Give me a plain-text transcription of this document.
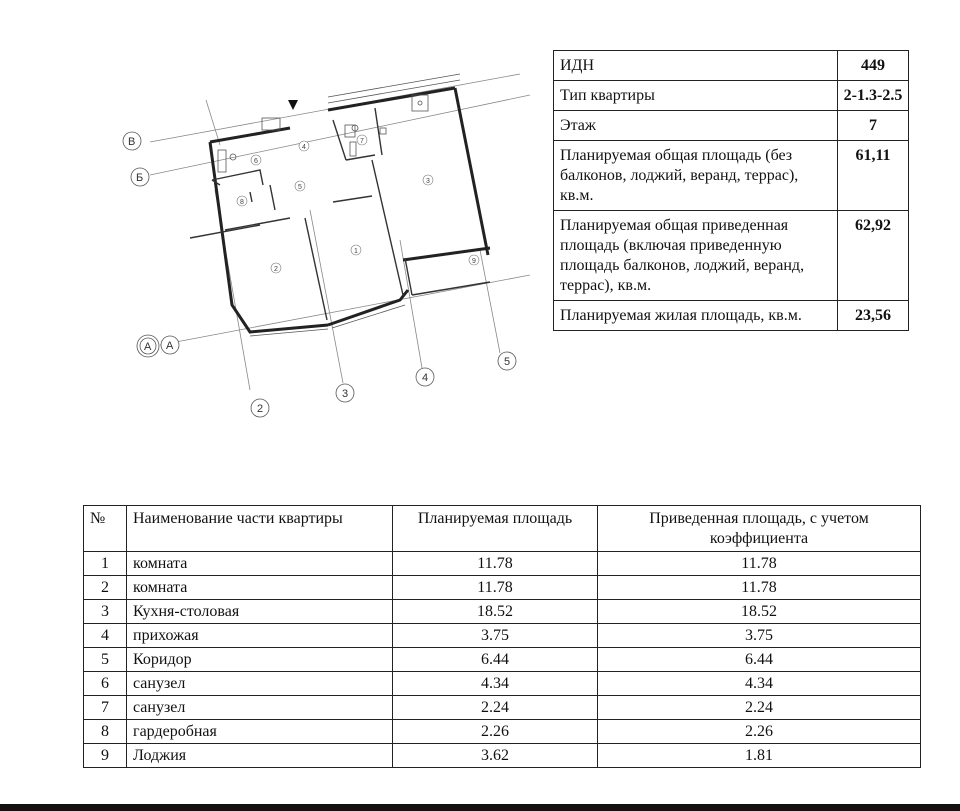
В
Б
А А
2
3
4
5
1
2
3
4
5
6
7
8
9
ИДН	449
Тип квартиры	2-1.3-2.5
Этаж	7
Планируемая общая площадь (без балконов, лоджий, веранд, террас), кв.м.	61,11
Планируемая общая приведенная площадь (включая приведенную площадь балконов, лоджий, веранд, террас), кв.м.	62,92
Планируемая жилая площадь, кв.м.	23,56
№	Наименование части квартиры	Планируемая площадь	Приведенная площадь, с учетом коэффициента
1	комната	11.78	11.78
2	комната	11.78	11.78
3	Кухня-столовая	18.52	18.52
4	прихожая	3.75	3.75
5	Коридор	6.44	6.44
6	санузел	4.34	4.34
7	санузел	2.24	2.24
8	гардеробная	2.26	2.26
9	Лоджия	3.62	1.81
